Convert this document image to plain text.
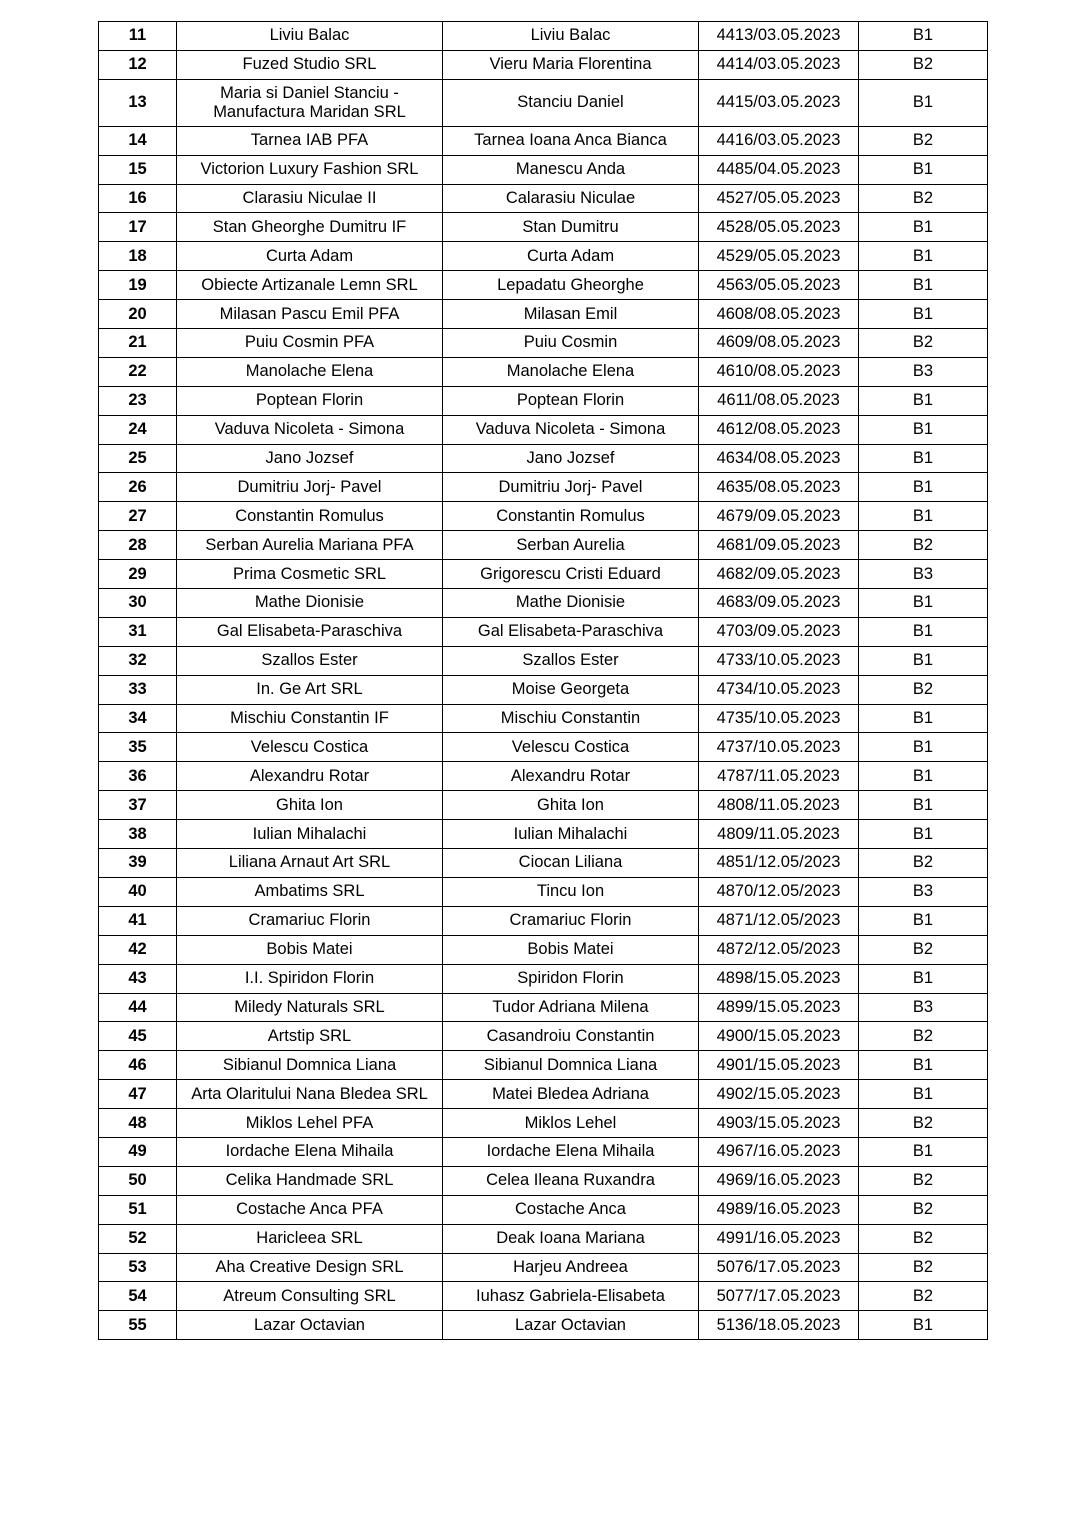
11	Liviu Balac	Liviu Balac	4413/03.05.2023	B1
12	Fuzed Studio SRL	Vieru Maria Florentina	4414/03.05.2023	B2
13	Maria si Daniel Stanciu - Manufactura Maridan SRL	Stanciu Daniel	4415/03.05.2023	B1
14	Tarnea IAB PFA	Tarnea Ioana Anca Bianca	4416/03.05.2023	B2
15	Victorion Luxury Fashion SRL	Manescu Anda	4485/04.05.2023	B1
16	Clarasiu Niculae II	Calarasiu Niculae	4527/05.05.2023	B2
17	Stan Gheorghe Dumitru IF	Stan Dumitru	4528/05.05.2023	B1
18	Curta Adam	Curta Adam	4529/05.05.2023	B1
19	Obiecte Artizanale Lemn SRL	Lepadatu Gheorghe	4563/05.05.2023	B1
20	Milasan Pascu Emil PFA	Milasan Emil	4608/08.05.2023	B1
21	Puiu Cosmin PFA	Puiu Cosmin	4609/08.05.2023	B2
22	Manolache Elena	Manolache Elena	4610/08.05.2023	B3
23	Poptean Florin	Poptean Florin	4611/08.05.2023	B1
24	Vaduva Nicoleta - Simona	Vaduva Nicoleta - Simona	4612/08.05.2023	B1
25	Jano Jozsef	Jano Jozsef	4634/08.05.2023	B1
26	Dumitriu Jorj- Pavel	Dumitriu Jorj- Pavel	4635/08.05.2023	B1
27	Constantin Romulus	Constantin Romulus	4679/09.05.2023	B1
28	Serban Aurelia Mariana PFA	Serban Aurelia	4681/09.05.2023	B2
29	Prima Cosmetic SRL	Grigorescu Cristi Eduard	4682/09.05.2023	B3
30	Mathe Dionisie	Mathe Dionisie	4683/09.05.2023	B1
31	Gal Elisabeta-Paraschiva	Gal Elisabeta-Paraschiva	4703/09.05.2023	B1
32	Szallos Ester	Szallos Ester	4733/10.05.2023	B1
33	In. Ge Art SRL	Moise Georgeta	4734/10.05.2023	B2
34	Mischiu Constantin IF	Mischiu Constantin	4735/10.05.2023	B1
35	Velescu Costica	Velescu Costica	4737/10.05.2023	B1
36	Alexandru Rotar	Alexandru Rotar	4787/11.05.2023	B1
37	Ghita Ion	Ghita Ion	4808/11.05.2023	B1
38	Iulian Mihalachi	Iulian Mihalachi	4809/11.05.2023	B1
39	Liliana Arnaut Art SRL	Ciocan Liliana	4851/12.05/2023	B2
40	Ambatims SRL	Tincu Ion	4870/12.05/2023	B3
41	Cramariuc Florin	Cramariuc Florin	4871/12.05/2023	B1
42	Bobis Matei	Bobis Matei	4872/12.05/2023	B2
43	I.I. Spiridon Florin	Spiridon Florin	4898/15.05.2023	B1
44	Miledy Naturals SRL	Tudor Adriana Milena	4899/15.05.2023	B3
45	Artstip SRL	Casandroiu Constantin	4900/15.05.2023	B2
46	Sibianul Domnica Liana	Sibianul Domnica Liana	4901/15.05.2023	B1
47	Arta Olaritului Nana Bledea SRL	Matei Bledea Adriana	4902/15.05.2023	B1
48	Miklos Lehel PFA	Miklos Lehel	4903/15.05.2023	B2
49	Iordache Elena Mihaila	Iordache Elena Mihaila	4967/16.05.2023	B1
50	Celika Handmade SRL	Celea Ileana Ruxandra	4969/16.05.2023	B2
51	Costache Anca PFA	Costache Anca	4989/16.05.2023	B2
52	Haricleea SRL	Deak Ioana Mariana	4991/16.05.2023	B2
53	Aha Creative Design SRL	Harjeu Andreea	5076/17.05.2023	B2
54	Atreum Consulting SRL	Iuhasz Gabriela-Elisabeta	5077/17.05.2023	B2
55	Lazar Octavian	Lazar Octavian	5136/18.05.2023	B1
